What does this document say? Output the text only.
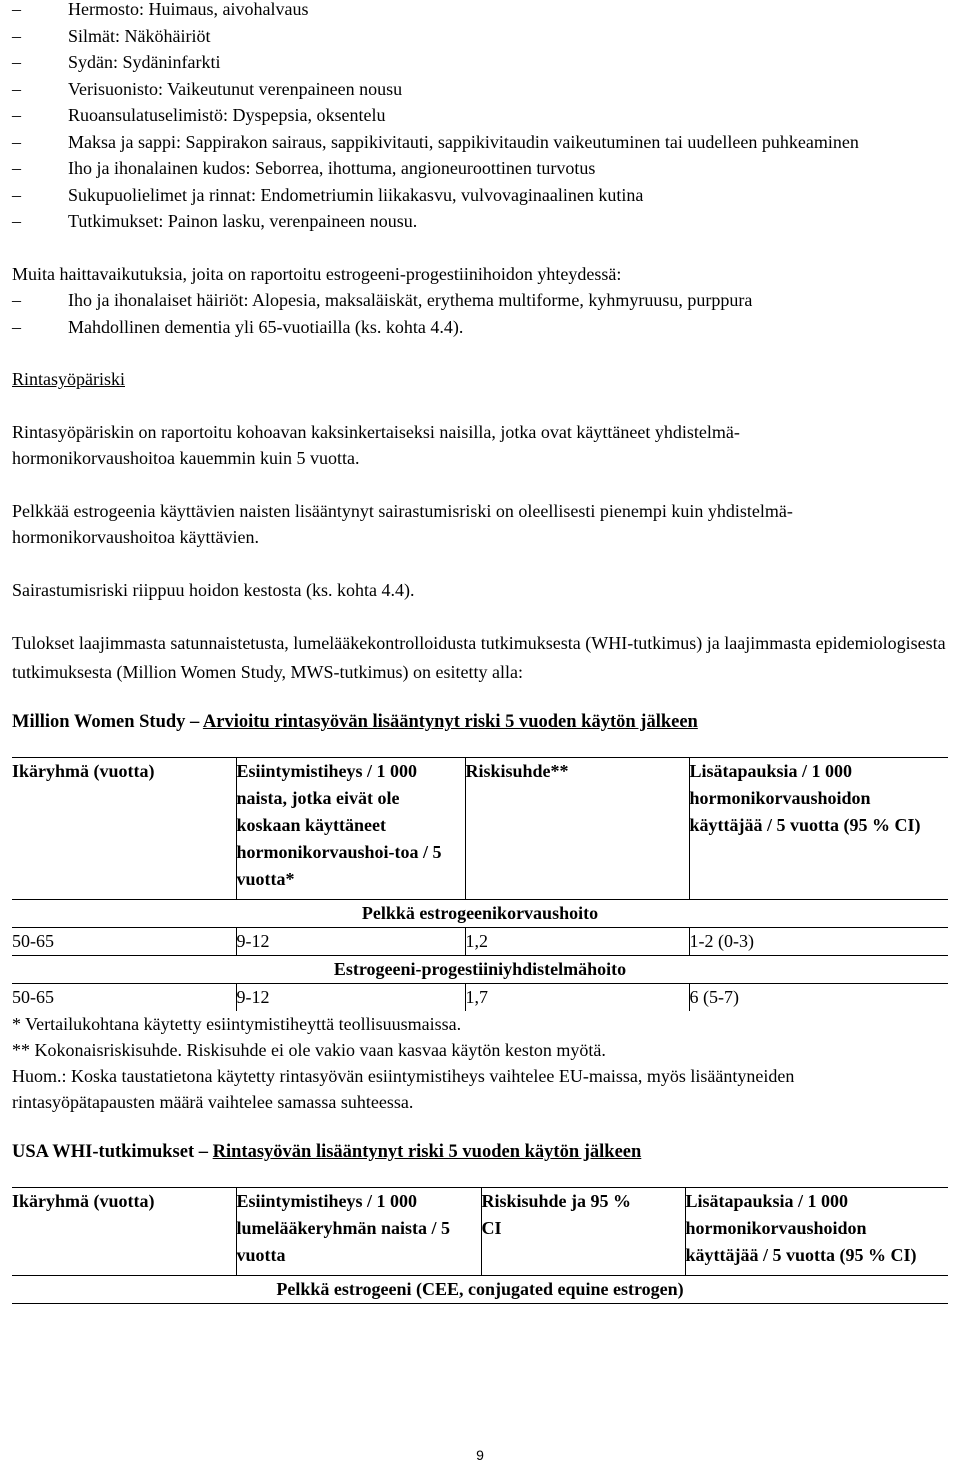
–	Hermosto: Huimaus, aivohalvaus
–	Silmät: Näköhäiriöt
–	Sydän: Sydäninfarkti
–	Verisuonisto: Vaikeutunut verenpaineen nousu
–	Ruoansulatuselimistö: Dyspepsia, oksentelu
–	Maksa ja sappi: Sappirakon sairaus, sappikivitauti, sappikivitaudin vaikeutuminen tai uudelleen puhkeaminen
–	Iho ja ihonalainen kudos: Seborrea, ihottuma, angioneuroottinen turvotus
–	Sukupuolielimet ja rinnat: Endometriumin liikakasvu, vulvovaginaalinen kutina
–	Tutkimukset: Painon lasku, verenpaineen nousu.

Muita haittavaikutuksia, joita on raportoitu estrogeeni-progestiinihoidon yhteydessä:

–	Iho ja ihonalaiset häiriöt: Alopesia, maksaläiskät, erythema multiforme, kyhmyruusu, purppura
–	Mahdollinen dementia yli 65-vuotiailla (ks. kohta 4.4).

Rintasyöpäriski

Rintasyöpäriskin on raportoitu kohoavan kaksinkertaiseksi naisilla, jotka ovat käyttäneet yhdistelmä-hormonikorvaushoitoa kauemmin kuin 5 vuotta.

Pelkkää estrogeenia käyttävien naisten lisääntynyt sairastumisriski on oleellisesti pienempi kuin yhdistelmä-hormonikorvaushoitoa käyttävien.

Sairastumisriski riippuu hoidon kestosta (ks. kohta 4.4).

Tulokset laajimmasta satunnaistetusta, lumelääkekontrolloidusta tutkimuksesta (WHI-tutkimus) ja laajimmasta epidemiologisesta tutkimuksesta (Million Women Study, MWS-tutkimus) on esitetty alla:

Million Women Study – Arvioitu rintasyövän lisääntynyt riski 5 vuoden käytön jälkeen
Ikäryhmä (vuotta)	Esiintymistiheys / 1 000 naista, jotka eivät ole koskaan käyttäneet hormonikorvaushoi-toa / 5 vuotta*	Riskisuhde**	Lisätapauksia / 1 000 hormonikorvaushoidon käyttäjää / 5 vuotta (95 % CI)
Pelkkä estrogeenikorvaushoito			
50-65	9-12	1,2	1-2 (0-3)
Estrogeeni-progestiiniyhdistelmähoito			
50-65	9-12	1,7	6 (5-7)

* Vertailukohtana käytetty esiintymistiheyttä teollisuusmaissa.

** Kokonaisriskisuhde. Riskisuhde ei ole vakio vaan kasvaa käytön keston myötä.

Huom.: Koska taustatietona käytetty rintasyövän esiintymistiheys vaihtelee EU-maissa, myös lisääntyneiden rintasyöpätapausten määrä vaihtelee samassa suhteessa.

USA WHI-tutkimukset – Rintasyövän lisääntynyt riski 5 vuoden käytön jälkeen
Ikäryhmä (vuotta)	Esiintymistiheys / 1 000 lumelääkeryhmän naista / 5 vuotta	Riskisuhde ja 95 % CI	Lisätapauksia / 1 000 hormonikorvaushoidon käyttäjää / 5 vuotta (95 % CI)
Pelkkä estrogeeni (CEE, conjugated equine estrogen)
9
